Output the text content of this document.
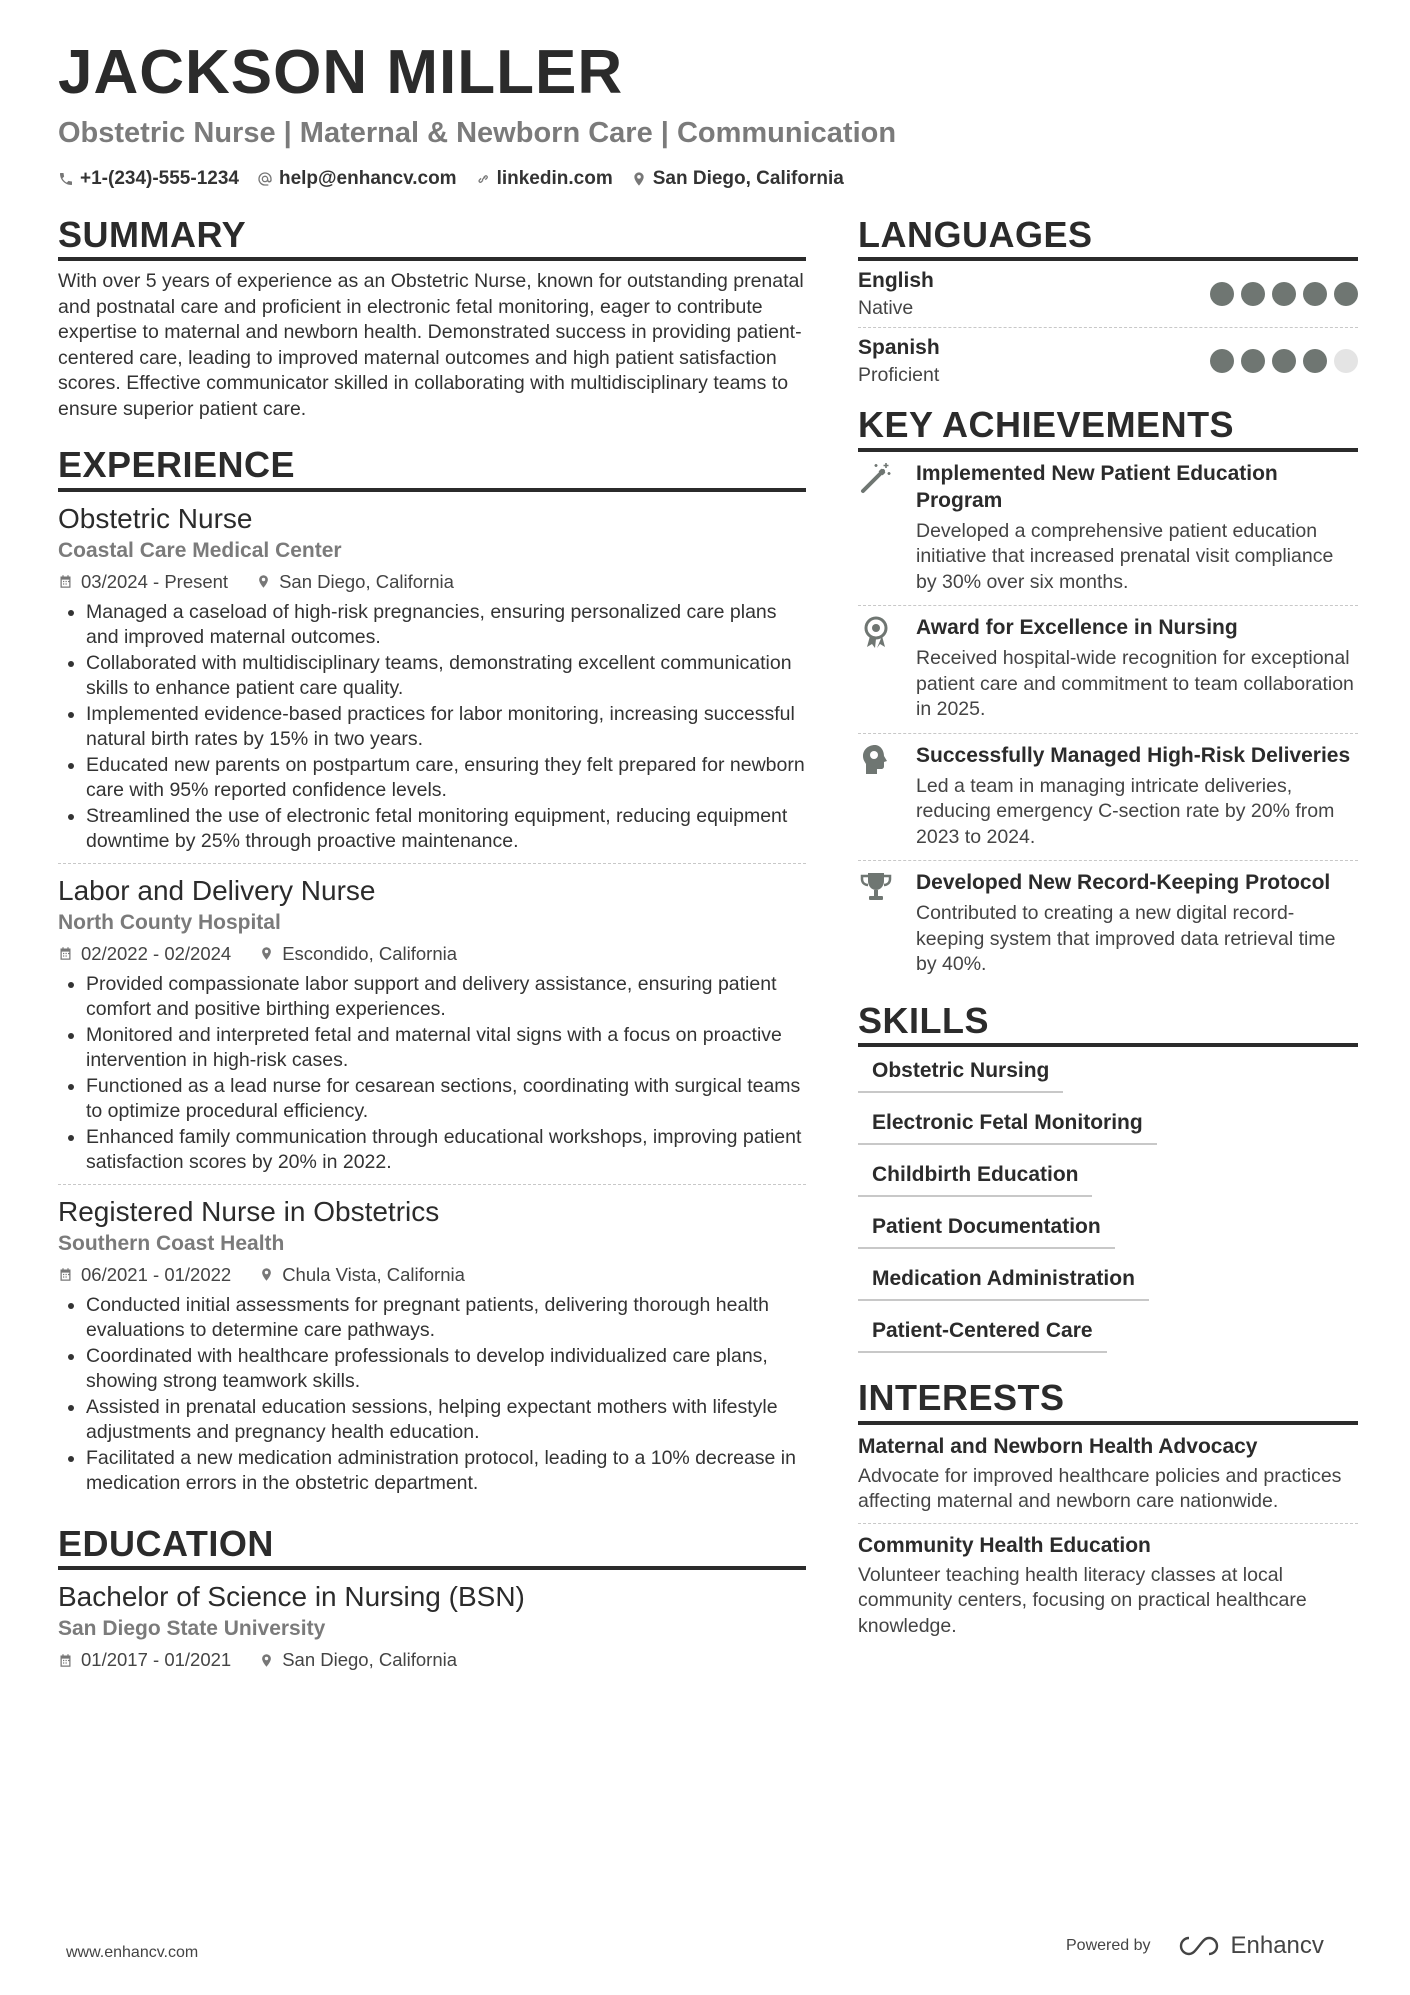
JACKSON MILLER
Obstetric Nurse | Maternal & Newborn Care | Communication
+1-(234)-555-1234 help@enhancv.com linkedin.com San Diego, California
SUMMARY

With over 5 years of experience as an Obstetric Nurse, known for outstanding prenatal and postnatal care and proficient in electronic fetal monitoring, eager to contribute expertise to maternal and newborn health. Demonstrated success in providing patient-centered care, leading to improved maternal outcomes and high patient satisfaction scores. Effective communicator skilled in collaborating with multidisciplinary teams to ensure superior patient care.

EXPERIENCE
Obstetric Nurse
Coastal Care Medical Center
03/2024 - Present	San Diego, California
• Managed a caseload of high-risk pregnancies, ensuring personalized care plans and improved maternal outcomes.
• Collaborated with multidisciplinary teams, demonstrating excellent communication skills to enhance patient care quality.
• Implemented evidence-based practices for labor monitoring, increasing successful natural birth rates by 15% in two years.
• Educated new parents on postpartum care, ensuring they felt prepared for newborn care with 95% reported confidence levels.
• Streamlined the use of electronic fetal monitoring equipment, reducing equipment downtime by 25% through proactive maintenance.
Labor and Delivery Nurse
North County Hospital
02/2022 - 02/2024	Escondido, California
• Provided compassionate labor support and delivery assistance, ensuring patient comfort and positive birthing experiences.
• Monitored and interpreted fetal and maternal vital signs with a focus on proactive intervention in high-risk cases.
• Functioned as a lead nurse for cesarean sections, coordinating with surgical teams to optimize procedural efficiency.
• Enhanced family communication through educational workshops, improving patient satisfaction scores by 20% in 2022.
Registered Nurse in Obstetrics
Southern Coast Health
06/2021 - 01/2022	Chula Vista, California
• Conducted initial assessments for pregnant patients, delivering thorough health evaluations to determine care pathways.
• Coordinated with healthcare professionals to develop individualized care plans, showing strong teamwork skills.
• Assisted in prenatal education sessions, helping expectant mothers with lifestyle adjustments and pregnancy health education.
• Facilitated a new medication administration protocol, leading to a 10% decrease in medication errors in the obstetric department.
EDUCATION
Bachelor of Science in Nursing (BSN)
San Diego State University
01/2017 - 01/2021	San Diego, California
LANGUAGES
English
Native
Spanish
Proficient
KEY ACHIEVEMENTS
Implemented New Patient Education Program
Developed a comprehensive patient education initiative that increased prenatal visit compliance by 30% over six months.
Award for Excellence in Nursing
Received hospital-wide recognition for exceptional patient care and commitment to team collaboration in 2025.
Successfully Managed High-Risk Deliveries
Led a team in managing intricate deliveries, reducing emergency C-section rate by 20% from 2023 to 2024.
Developed New Record-Keeping Protocol
Contributed to creating a new digital record-keeping system that improved data retrieval time by 40%.
SKILLS
Obstetric Nursing
Electronic Fetal Monitoring
Childbirth Education
Patient Documentation
Medication Administration
Patient-Centered Care
INTERESTS
Maternal and Newborn Health Advocacy
Advocate for improved healthcare policies and practices affecting maternal and newborn care nationwide.
Community Health Education
Volunteer teaching health literacy classes at local community centers, focusing on practical healthcare knowledge.
www.enhancv.com	Powered by	Enhancv
